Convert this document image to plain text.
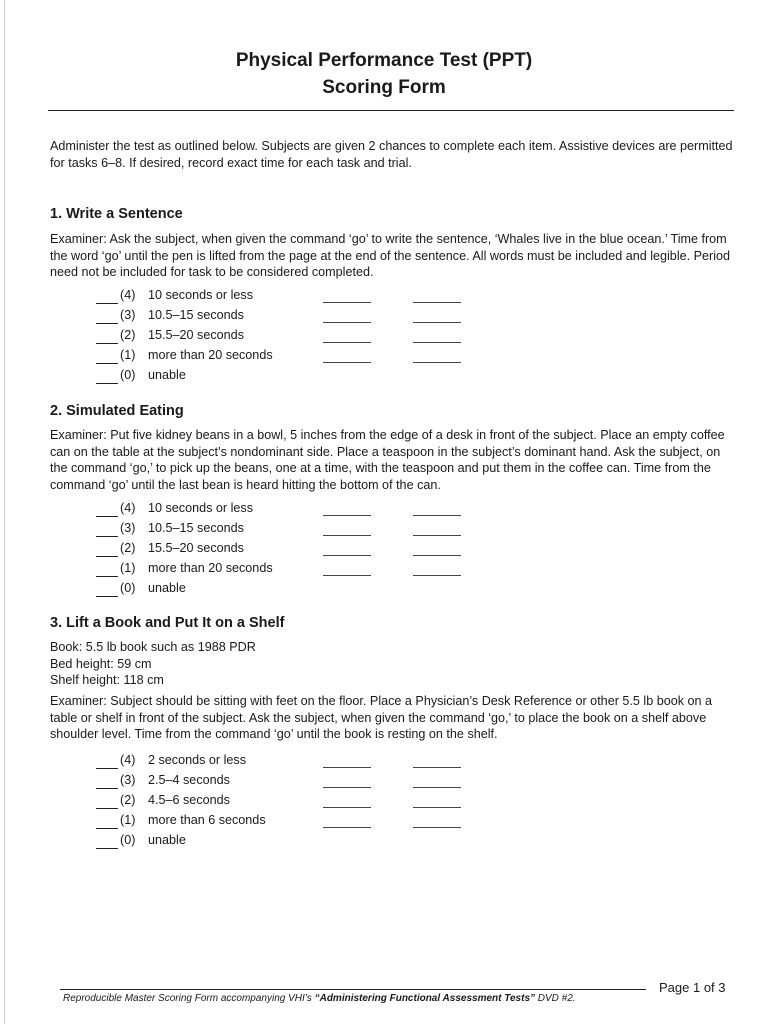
Physical Performance Test (PPT)
Scoring Form
Administer the test as outlined below. Subjects are given 2 chances to complete each item. Assistive devices are permitted for tasks 6–8. If desired, record exact time for each task and trial.
1. Write a Sentence
Examiner: Ask the subject, when given the command ‘go’ to write the sentence, ‘Whales live in the blue ocean.’ Time from the word ‘go’ until the pen is lifted from the page at the end of the sentence. All words must be included and legible. Period need not be included for task to be considered completed.
(4) 10 seconds or less
(3) 10.5–15 seconds
(2) 15.5–20 seconds
(1) more than 20 seconds
(0) unable
2. Simulated Eating
Examiner: Put five kidney beans in a bowl, 5 inches from the edge of a desk in front of the subject. Place an empty coffee can on the table at the subject’s nondominant side. Place a teaspoon in the subject’s dominant hand. Ask the subject, on the command ‘go,’ to pick up the beans, one at a time, with the teaspoon and put them in the coffee can. Time from the command ‘go’ until the last bean is heard hitting the bottom of the can.
(4) 10 seconds or less
(3) 10.5–15 seconds
(2) 15.5–20 seconds
(1) more than 20 seconds
(0) unable
3. Lift a Book and Put It on a Shelf
Book: 5.5 lb book such as 1988 PDR
Bed height: 59 cm
Shelf height: 118 cm
Examiner: Subject should be sitting with feet on the floor. Place a Physician’s Desk Reference or other 5.5 lb book on a table or shelf in front of the subject. Ask the subject, when given the command ‘go,’ to place the book on a shelf above shoulder level. Time from the command ‘go’ until the book is resting on the shelf.
(4) 2 seconds or less
(3) 2.5–4 seconds
(2) 4.5–6 seconds
(1) more than 6 seconds
(0) unable
Page 1 of 3
Reproducible Master Scoring Form accompanying VHI’s “Administering Functional Assessment Tests” DVD #2.
